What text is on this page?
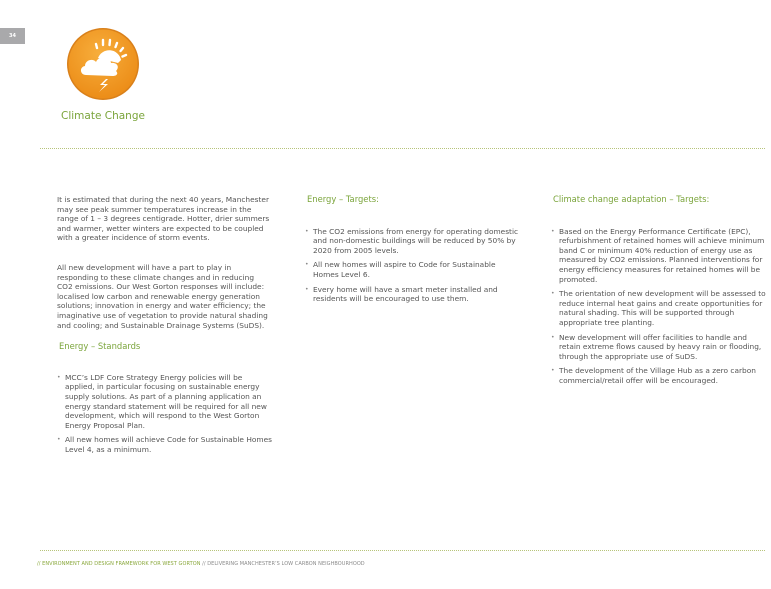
34
Climate Change

It is estimated that during the next 40 years, Manchester may see peak summer temperatures increase in the range of 1 – 3 degrees centigrade. Hotter, drier summers and warmer, wetter winters are expected to be coupled with a greater incidence of storm events.

All new development will have a part to play in responding to these climate changes and in reducing CO2 emissions. Our West Gorton responses will include: localised low carbon and renewable energy generation solutions; innovation in energy and water efficiency; the imaginative use of vegetation to provide natural shading and cooling; and Sustainable Drainage Systems (SuDS).

Energy – Standards
• MCC’s LDF Core Strategy Energy policies will be applied, in particular focusing on sustainable energy supply solutions. As part of a planning application an energy standard statement will be required for all new development, which will respond to the West Gorton Energy Proposal Plan.
• All new homes will achieve Code for Sustainable Homes Level 4, as a minimum.
Energy – Targets:
• The CO2 emissions from energy for operating domestic and non-domestic buildings will be reduced by 50% by 2020 from 2005 levels.
• All new homes will aspire to Code for Sustainable Homes Level 6.
• Every home will have a smart meter installed and residents will be encouraged to use them.
Climate change adaptation – Targets:
• Based on the Energy Performance Certificate (EPC), refurbishment of retained homes will achieve minimum band C or minimum 40% reduction of energy use as measured by CO2 emissions. Planned interventions for energy efficiency measures for retained homes will be promoted.
• The orientation of new development will be assessed to reduce internal heat gains and create opportunities for natural shading. This will be supported through appropriate tree planting.
• New development will offer facilities to handle and retain extreme flows caused by heavy rain or flooding, through the appropriate use of SuDS.
• The development of the Village Hub as a zero carbon commercial/retail offer will be encouraged.
// ENVIRONMENT AND DESIGN FRAMEWORK FOR WEST GORTON // DELIVERING MANCHESTER’S LOW CARBON NEIGHBOURHOOD
